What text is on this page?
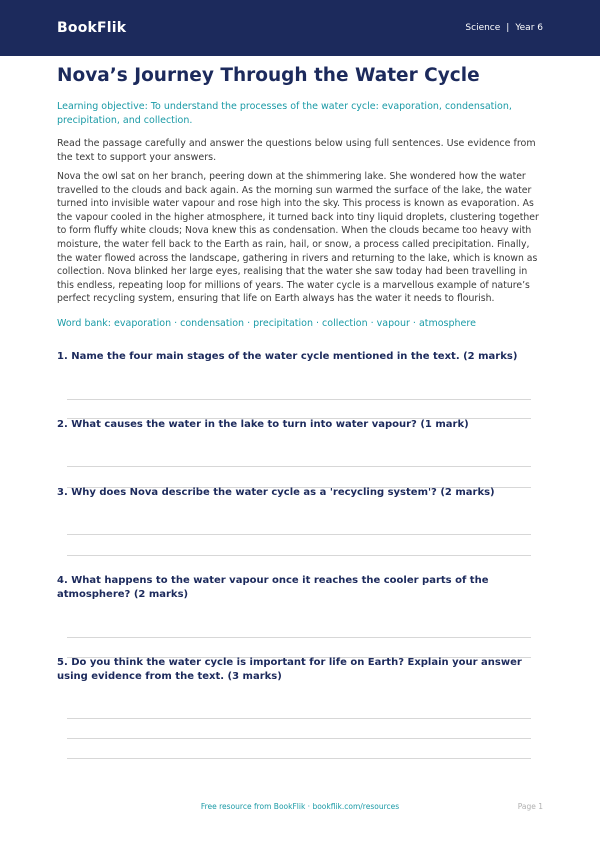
BookFlik	Science | Year 6
Nova’s Journey Through the Water Cycle
Learning objective: To understand the processes of the water cycle: evaporation, condensation, precipitation, and collection.
Read the passage carefully and answer the questions below using full sentences. Use evidence from the text to support your answers.
Nova the owl sat on her branch, peering down at the shimmering lake. She wondered how the water travelled to the clouds and back again. As the morning sun warmed the surface of the lake, the water turned into invisible water vapour and rose high into the sky. This process is known as evaporation. As the vapour cooled in the higher atmosphere, it turned back into tiny liquid droplets, clustering together to form fluffy white clouds; Nova knew this as condensation. When the clouds became too heavy with moisture, the water fell back to the Earth as rain, hail, or snow, a process called precipitation. Finally, the water flowed across the landscape, gathering in rivers and returning to the lake, which is known as collection. Nova blinked her large eyes, realising that the water she saw today had been travelling in this endless, repeating loop for millions of years. The water cycle is a marvellous example of nature’s perfect recycling system, ensuring that life on Earth always has the water it needs to flourish.
Word bank: evaporation · condensation · precipitation · collection · vapour · atmosphere
1. Name the four main stages of the water cycle mentioned in the text. (2 marks)
2. What causes the water in the lake to turn into water vapour? (1 mark)
3. Why does Nova describe the water cycle as a 'recycling system'? (2 marks)
4. What happens to the water vapour once it reaches the cooler parts of the atmosphere? (2 marks)
5. Do you think the water cycle is important for life on Earth? Explain your answer using evidence from the text. (3 marks)
Free resource from BookFlik · bookflik.com/resources	Page 1
